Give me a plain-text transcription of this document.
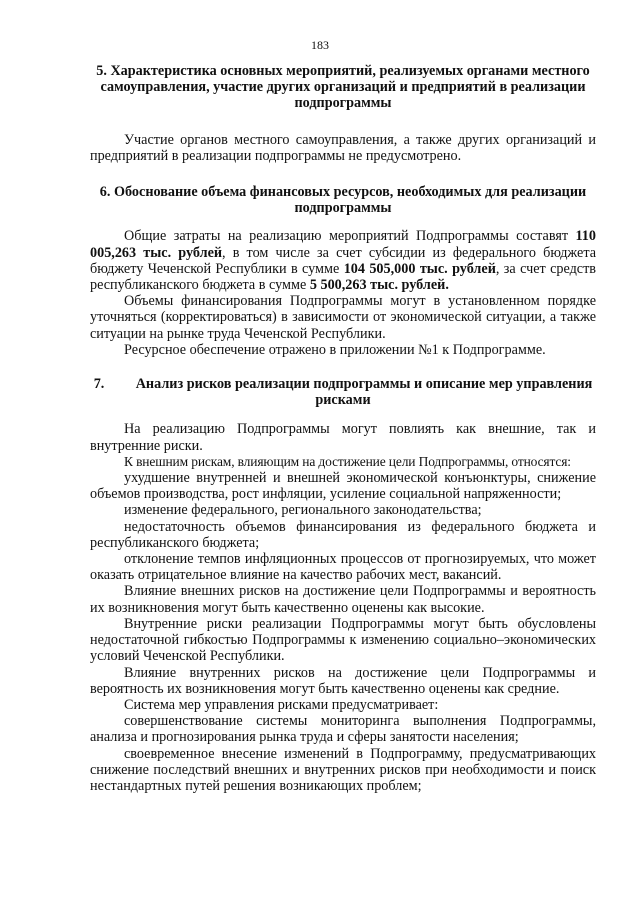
183
5. Характеристика основных мероприятий, реализуемых органами местного самоуправления, участие других организаций и предприятий в реализации подпрограммы

Участие органов местного самоуправления, а также других организаций и предприятий в реализации подпрограммы не предусмотрено.

6. Обоснование объема финансовых ресурсов, необходимых для реализации подпрограммы

Общие затраты на реализацию мероприятий Подпрограммы составят 110 005,263 тыс. рублей, в том числе за счет субсидии из федерального бюджета бюджету Чеченской Республики в сумме 104 505,000 тыс. рублей, за счет средств республиканского бюджета в сумме 5 500,263 тыс. рублей.

Объемы финансирования Подпрограммы могут в установленном порядке уточняться (корректироваться) в зависимости от экономической ситуации, а также ситуации на рынке труда Чеченской Республики.

Ресурсное обеспечение отражено в приложении №1 к Подпрограмме.

7. Анализ рисков реализации подпрограммы и описание мер управления рисками

На реализацию Подпрограммы могут повлиять как внешние, так и внутренние риски.

К внешним рискам, влияющим на достижение цели Подпрограммы, относятся:

ухудшение внутренней и внешней экономической конъюнктуры, снижение объемов производства, рост инфляции, усиление социальной напряженности;

изменение федерального, регионального законодательства;

недостаточность объемов финансирования из федерального бюджета и республиканского бюджета;

отклонение темпов инфляционных процессов от прогнозируемых, что может оказать отрицательное влияние на качество рабочих мест, вакансий.

Влияние внешних рисков на достижение цели Подпрограммы и вероятность их возникновения могут быть качественно оценены как высокие.

Внутренние риски реализации Подпрограммы могут быть обусловлены недостаточной гибкостью Подпрограммы к изменению социально–экономических условий Чеченской Республики.

Влияние внутренних рисков на достижение цели Подпрограммы и вероятность их возникновения могут быть качественно оценены как средние.

Система мер управления рисками предусматривает:

совершенствование системы мониторинга выполнения Подпрограммы, анализа и прогнозирования рынка труда и сферы занятости населения;

своевременное внесение изменений в Подпрограмму, предусматривающих снижение последствий внешних и внутренних рисков при необходимости и поиск нестандартных путей решения возникающих проблем;
